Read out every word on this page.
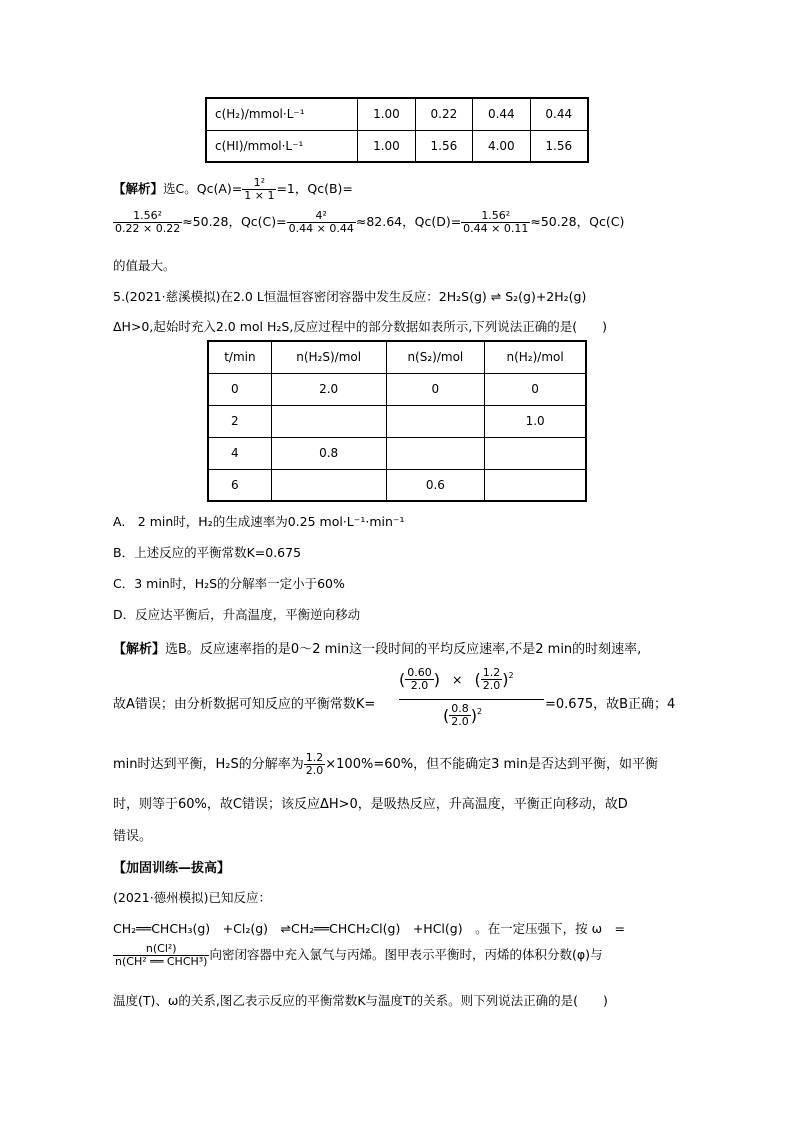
c(H₂)/mmol·L⁻¹	1.00	0.22	0.44	0.44
c(HI)/mmol·L⁻¹	1.00	1.56	4.00	1.56
【解析】选C。$Qc(A)= \frac{\text{1²}}{1 \times 1} =1$，Qc(B)=
$\frac{\text{1.56²}}{0.22 \times 0.22} \approx 50.28$，$Qc(C)= \frac{\text{4²}}{0.44 \times 0.44} \approx 82.64$，$Qc(D)= \frac{\text{1.56²}}{0.44 \times 0.11} \approx 50.28$，Qc(C)
的值最大。
5.(2021·慈溪模拟)在2.0 L恒温恒容密闭容器中发生反应：2H₂S(g) ⇌ S₂(g)+2H₂(g)
ΔH>0,起始时充入2.0 mol H₂S,反应过程中的部分数据如表所示,下列说法正确的是(　　)
t/min	n(H₂S)/mol	n(S₂)/mol	n(H₂)/mol
0	2.0	0	0
2			1.0
4	0.8		
6		0.6	
A.　2 min时，H₂的生成速率为0.25 mol·L⁻¹·min⁻¹
B．上述反应的平衡常数K=0.675
C．3 min时，H₂S的分解率一定小于60%
D．反应达平衡后，升高温度，平衡逆向移动
【解析】选B。反应速率指的是0～2 min这一段时间的平均反应速率,不是2 min的时刻速率,
故A错误；由分析数据可知反应的平衡常数K=
( $\frac{0.60}{2.0}$ ) × ( $\frac{1.2}{2.0} )^2$
( $\frac{0.8}{2.0} )^2$	=0.675，故B正确；4
min时达到平衡，H₂S的分解率为 $\frac{1.2}{2.0} \times 100\%=60\%$，但不能确定3 min是否达到平衡，如平衡
时，则等于60%，故C错误；该反应ΔH>0，是吸热反应，升高温度，平衡正向移动，故D
错误。
【加固训练—拔高】
(2021·德州模拟)已知反应：
CH₂══CHCH₃(g)　+Cl₂(g)　⇌CH₂══CHCH₂Cl(g)　+HCl(g)　。在一定压强下，按 ω　=
$\frac{\text{n(Cl²)}}{\text{n(CH² ══ CHCH³)}}$ 向密闭容器中充入氯气与丙烯。图甲表示平衡时，丙烯的体积分数(φ)与
温度(T)、ω的关系,图乙表示反应的平衡常数K与温度T的关系。则下列说法正确的是(　　)
